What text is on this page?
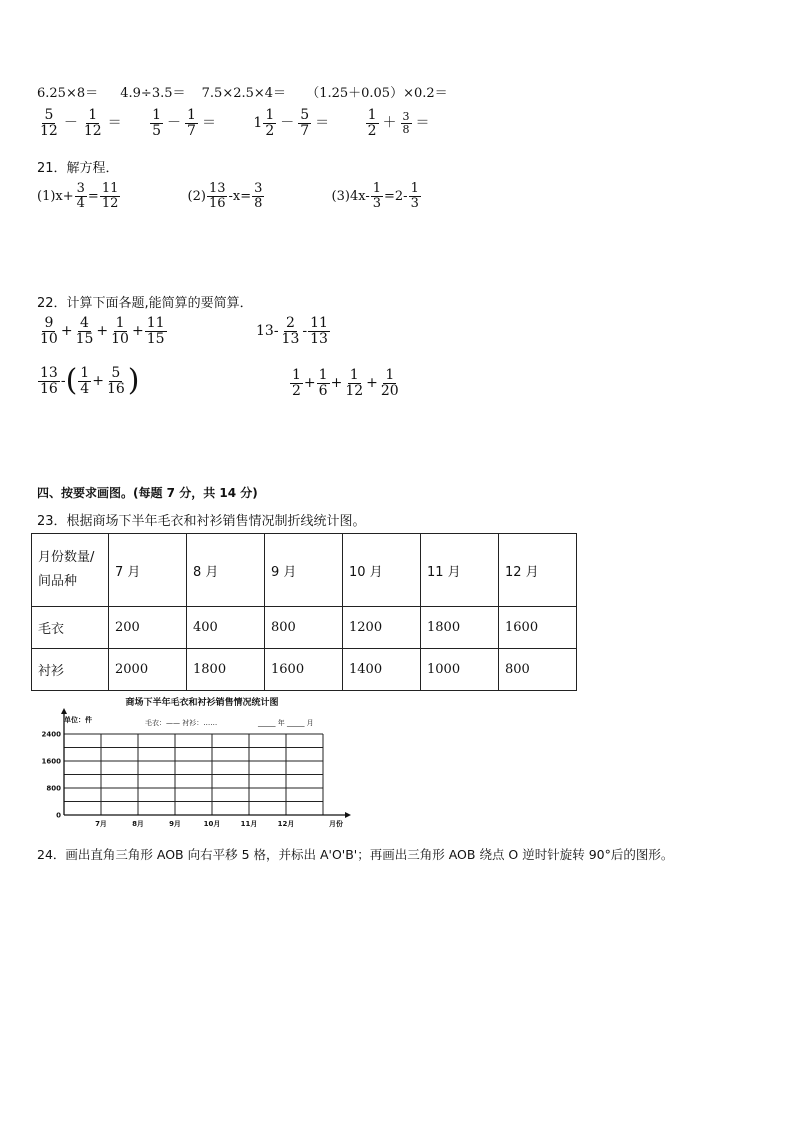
6.25×8＝ 4.9÷3.5＝ 7.5×2.5×4＝ （1.25＋0.05）×0.2＝
$\frac{5}{12} - \frac{1}{12} = \frac{1}{5} - \frac{1}{7}$ ＝	$1 \frac{1}{2} - \frac{5}{7}$ ＝	$\frac{1}{2} + \frac{3}{8}$ ＝
21．解方程．
$(1)x+ \frac{3}{4} = \frac{11}{12}$	$(2) \frac{13}{16} -x= \frac{3}{8}$	$(3)4x- \frac{1}{3} =2- \frac{1}{3}$
22．计算下面各题,能简算的要简算．
$\frac{9}{10} + \frac{4}{15} + \frac{1}{10} + \frac{11}{15}$	$13- \frac{2}{13} - \frac{11}{13}$
$\frac{13}{16}$ -( $\frac{1}{4} + \frac{5}{16}$ )	$\frac{1}{2} + \frac{1}{6} + \frac{1}{12} + \frac{1}{20}$
四、按要求画图。(每题 7 分，共 14 分)
23．根据商场下半年毛衣和衬衫销售情况制折线统计图。
月份数量/
间品种	7 月	8 月	9 月	10 月	11 月	12 月
毛衣	200	400	800	1200	1800	1600
衬衫	2000	1800	1600	1400	1000	800
商场下半年毛衣和衬衫销售情况统计图
单位：件	毛衣：—— 衬衫：……	_____ 年 _____ 月
0
800
1600
2400
7月	8月	9月	10月	11月	12月	月份
24．画出直角三角形 AOB 向右平移 5 格，并标出 A'O'B'；再画出三角形 AOB 绕点 O 逆时针旋转 90°后的图形。
